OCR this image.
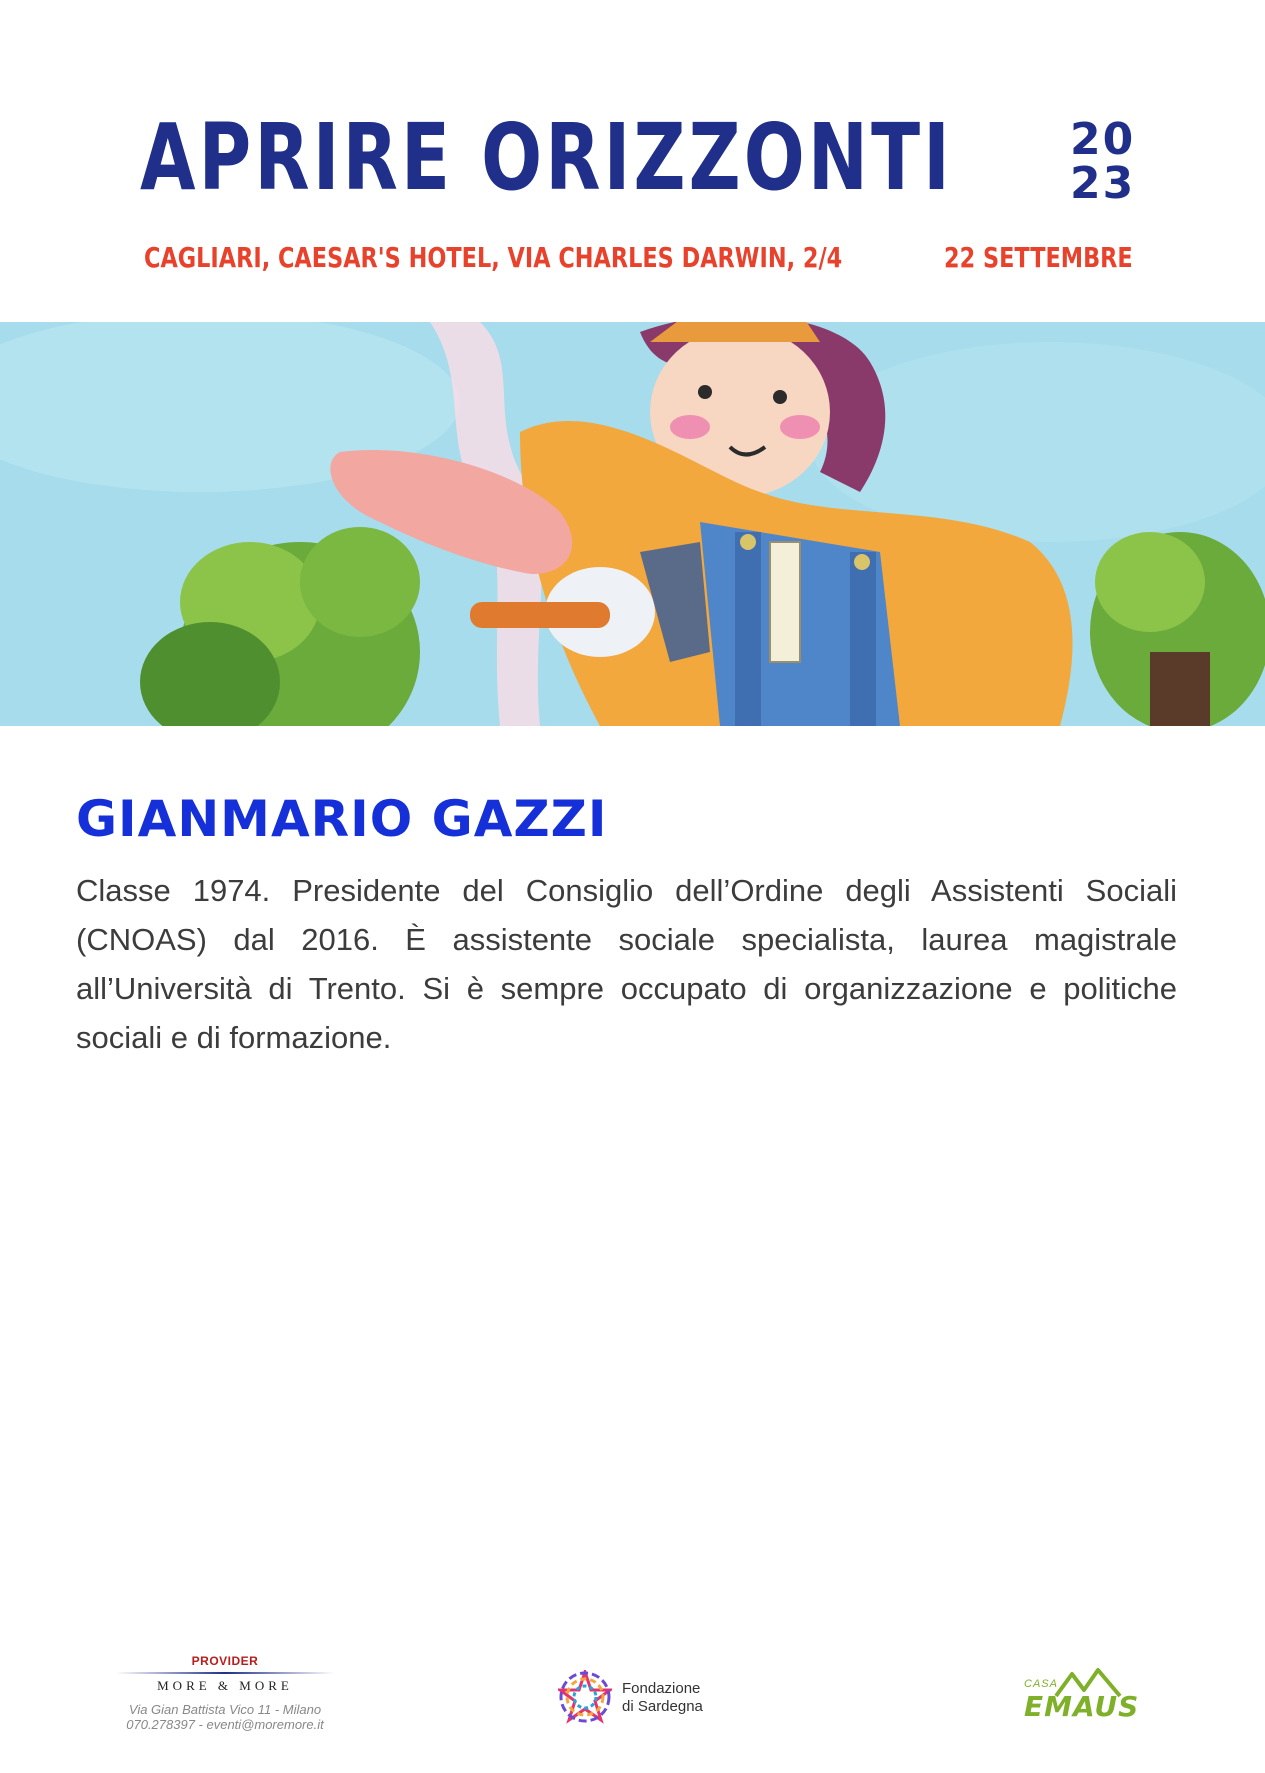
APRIRE ORIZZONTI	20
23
CAGLIARI, CAESAR'S HOTEL, VIA CHARLES DARWIN, 2/4	22 SETTEMBRE
GIANMARIO GAZZI
Classe 1974. Presidente del Consiglio dell’Ordine degli Assistenti Sociali (CNOAS) dal 2016. È assistente sociale specialista, laurea magistrale all’Università di Trento. Si è sempre occupato di organizzazione e politiche sociali e di formazione.
PROVIDER
MORE & MORE
Via Gian Battista Vico 11 - Milano
070.278397 - eventi@moremore.it
Fondazione
di Sardegna
CASA
EMAUS
